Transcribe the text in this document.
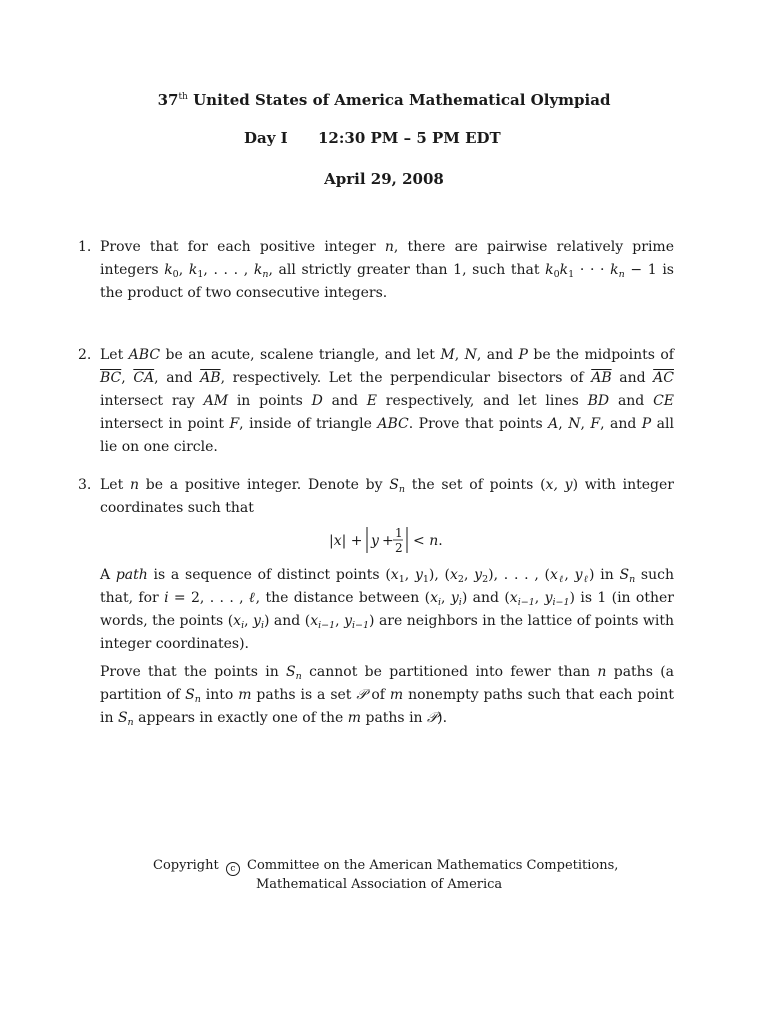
37th United States of America Mathematical Olympiad
Day I 12:30 PM – 5 PM EDT
April 29, 2008
1. Prove that for each positive integer n, there are pairwise relatively prime integers $k_0$, $k_1$, . . . , $k_n$, all strictly greater than 1, such that $k_0k_1$ · · · $k_n - 1$ is the product of two consecutive integers.

2. Let ABC be an acute, scalene triangle, and let M, N, and P be the midpoints of $\overline{BC}$, $\overline{CA}$, and $\overline{AB}$, respectively. Let the perpendicular bisectors of $\overline{AB}$ and $\overline{AC}$ intersect ray AM in points D and E respectively, and let lines BD and CE intersect in point F, inside of triangle ABC. Prove that points A, N, F, and P all lie on one circle.

3. Let n be a positive integer. Denote by $S_n$ the set of points (x, y) with integer coordinates such that

|x| + y + 1
2 < n.

A path is a sequence of distinct points ($x_1$, $y_1$), ($x_2$, $y_2$), . . . , ($x_\ell$, $y_\ell$) in $S_n$ such that, for i = 2, . . . , ℓ, the distance between ($x_i$, $y_i$) and ($x_{i-1}$, $y_{i-1}$) is 1 (in other words, the points ($x_i$, $y_i$) and ($x_{i-1}$, $y_{i-1}$) are neighbors in the lattice of points with integer coordinates).

Prove that the points in $S_n$ cannot be partitioned into fewer than n paths (a partition of $S_n$ into m paths is a set 𝒫 of m nonempty paths such that each point in $S_n$ appears in exactly one of the m paths in 𝒫).

Copyright c Committee on the American Mathematics Competitions,
Mathematical Association of America
